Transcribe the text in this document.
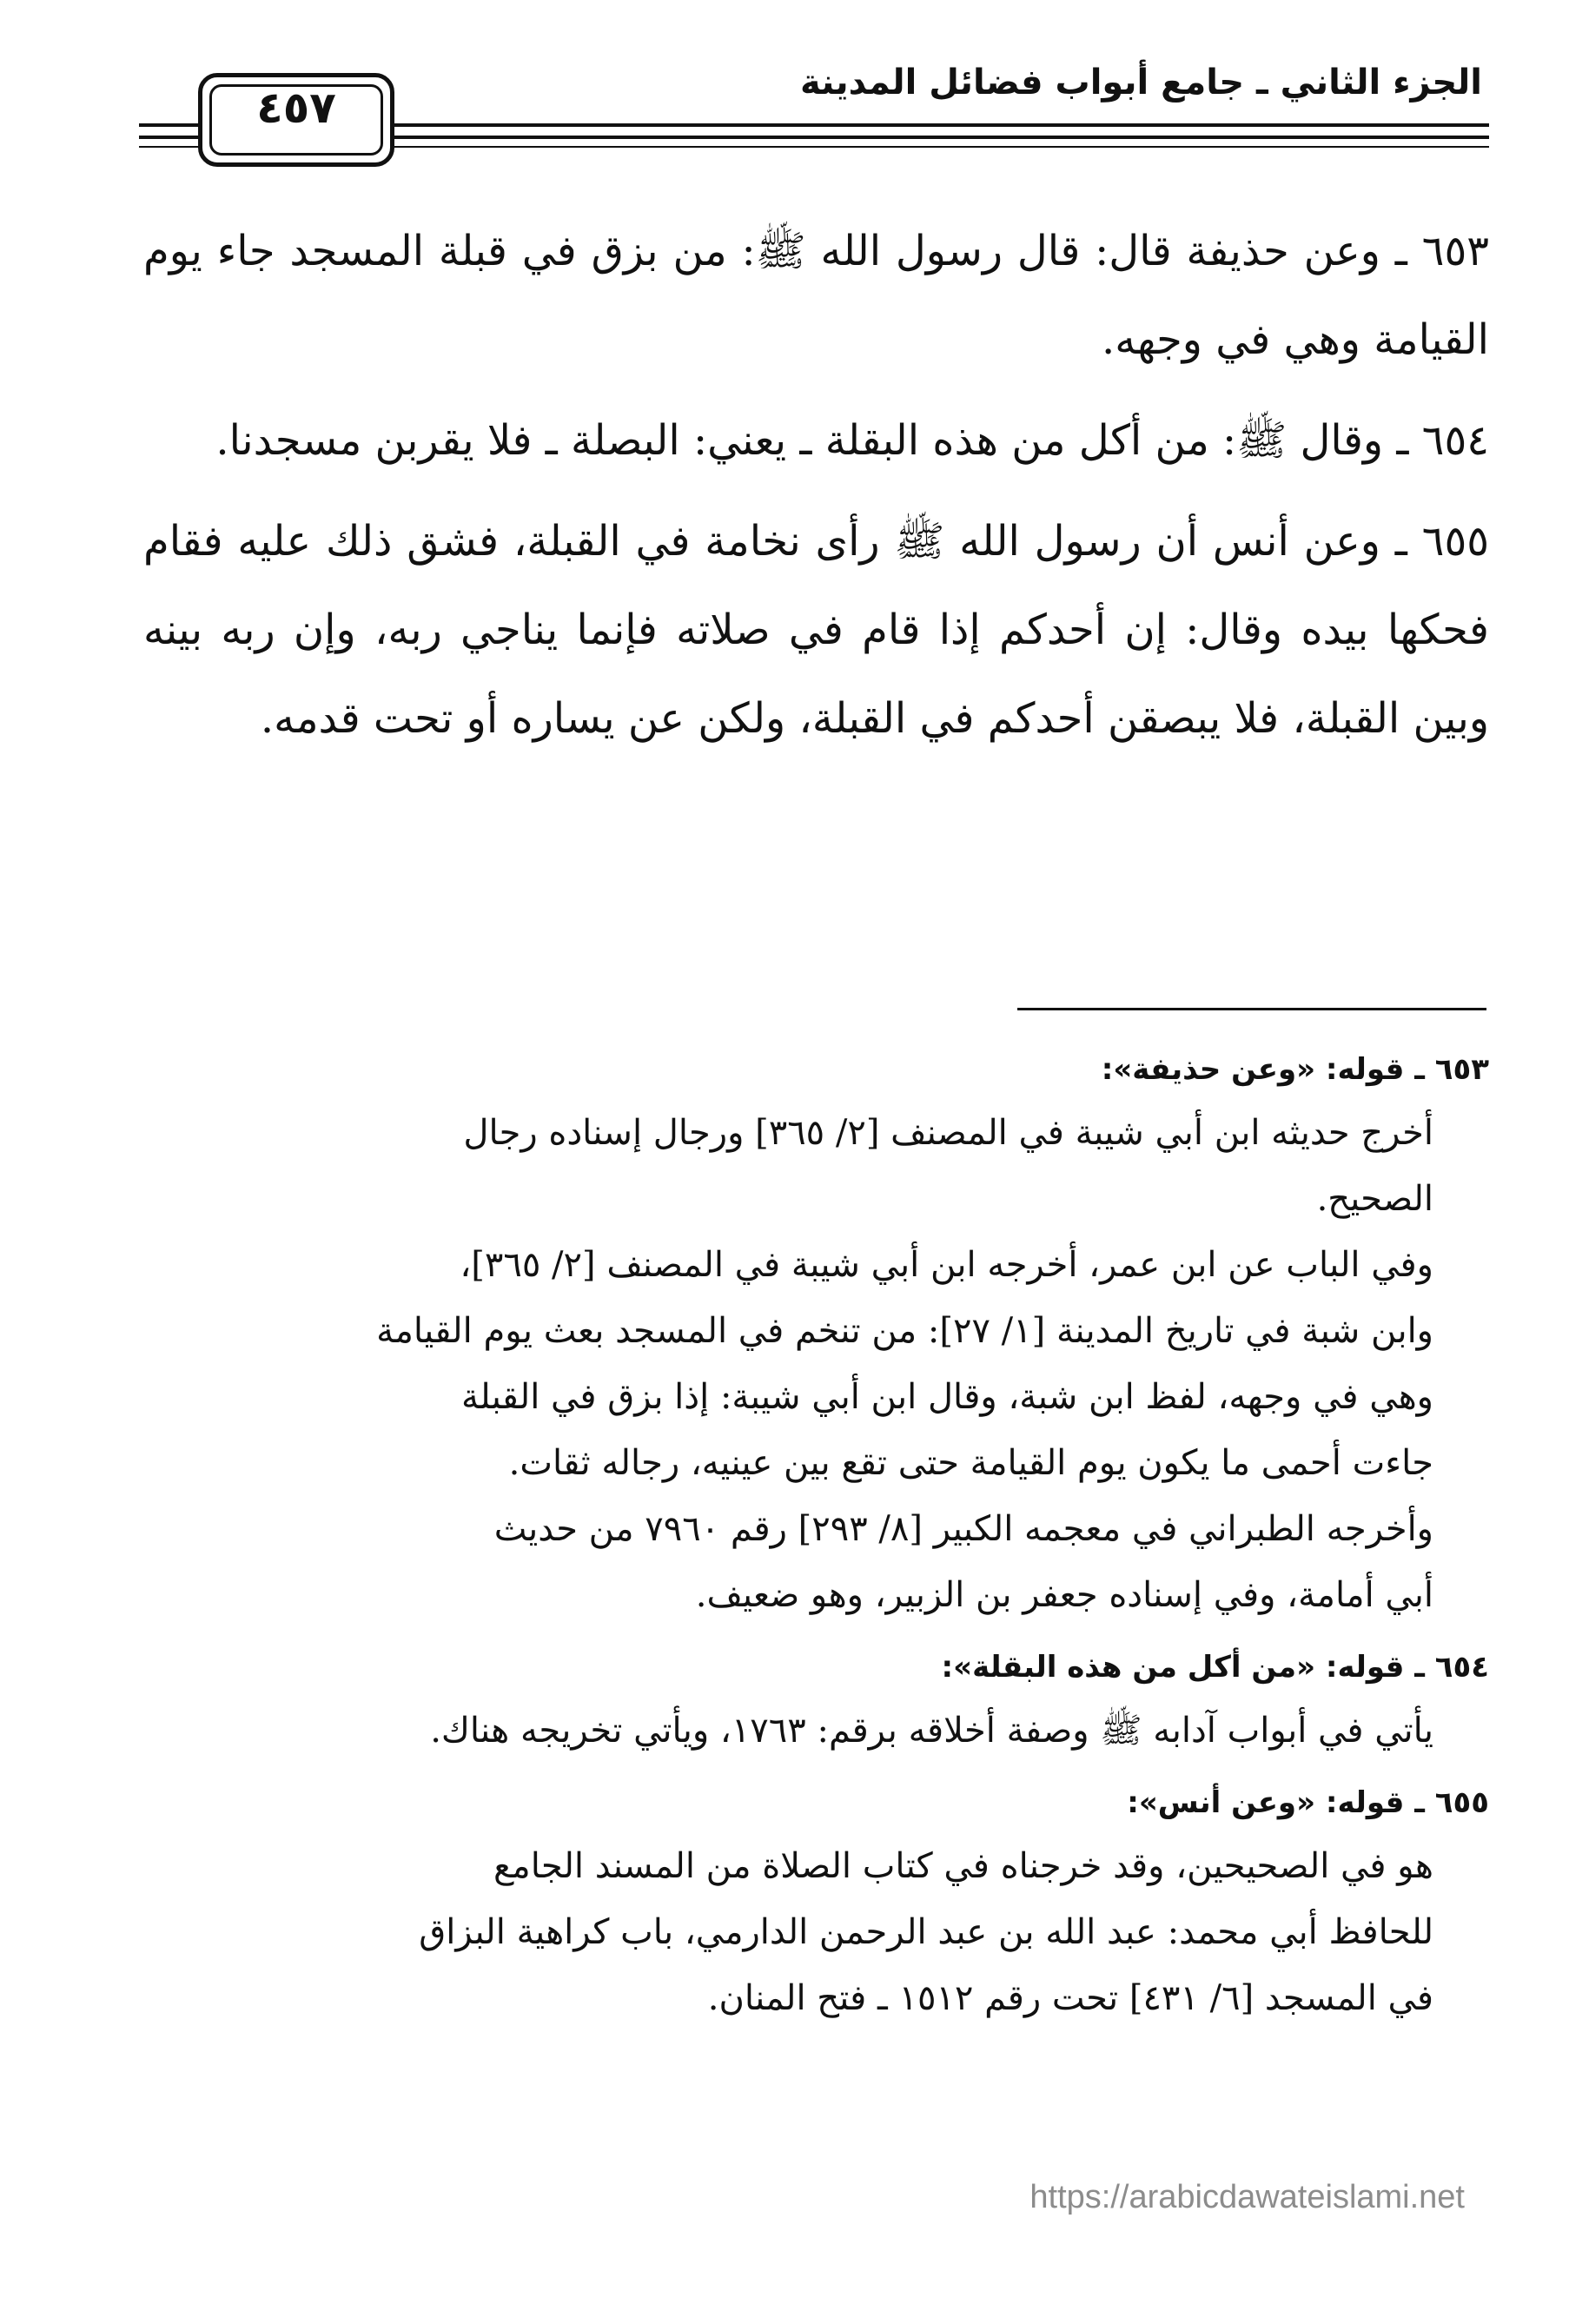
الجزء الثاني ـ جامع أبواب فضائل المدينة
٤٥٧

٦٥٣ ـ وعن حذيفة قال: قال رسول الله ﷺ: من بزق في قبلة المسجد جاء يوم القيامة وهي في وجهه.

٦٥٤ ـ وقال ﷺ: من أكل من هذه البقلة ـ يعني: البصلة ـ فلا يقربن مسجدنا.

٦٥٥ ـ وعن أنس أن رسول الله ﷺ رأى نخامة في القبلة، فشق ذلك عليه فقام فحكها بيده وقال: إن أحدكم إذا قام في صلاته فإنما يناجي ربه، وإن ربه بينه وبين القبلة، فلا يبصقن أحدكم في القبلة، ولكن عن يساره أو تحت قدمه.

٦٥٣ ـ قوله: «وعن حذيفة»:

أخرج حديثه ابن أبي شيبة في المصنف [٢/ ٣٦٥] ورجال إسناده رجال

الصحيح.

وفي الباب عن ابن عمر، أخرجه ابن أبي شيبة في المصنف [٢/ ٣٦٥]،

وابن شبة في تاريخ المدينة [١/ ٢٧]: من تنخم في المسجد بعث يوم القيامة

وهي في وجهه، لفظ ابن شبة، وقال ابن أبي شيبة: إذا بزق في القبلة

جاءت أحمى ما يكون يوم القيامة حتى تقع بين عينيه، رجاله ثقات.

وأخرجه الطبراني في معجمه الكبير [٨/ ٢٩٣] رقم ٧٩٦٠ من حديث

أبي أمامة، وفي إسناده جعفر بن الزبير، وهو ضعيف.

٦٥٤ ـ قوله: «من أكل من هذه البقلة»:

يأتي في أبواب آدابه ﷺ وصفة أخلاقه برقم: ١٧٦٣، ويأتي تخريجه هناك.

٦٥٥ ـ قوله: «وعن أنس»:

هو في الصحيحين، وقد خرجناه في كتاب الصلاة من المسند الجامع

للحافظ أبي محمد: عبد الله بن عبد الرحمن الدارمي، باب كراهية البزاق

في المسجد [٦/ ٤٣١] تحت رقم ١٥١٢ ـ فتح المنان.

https://arabicdawateislami.net
